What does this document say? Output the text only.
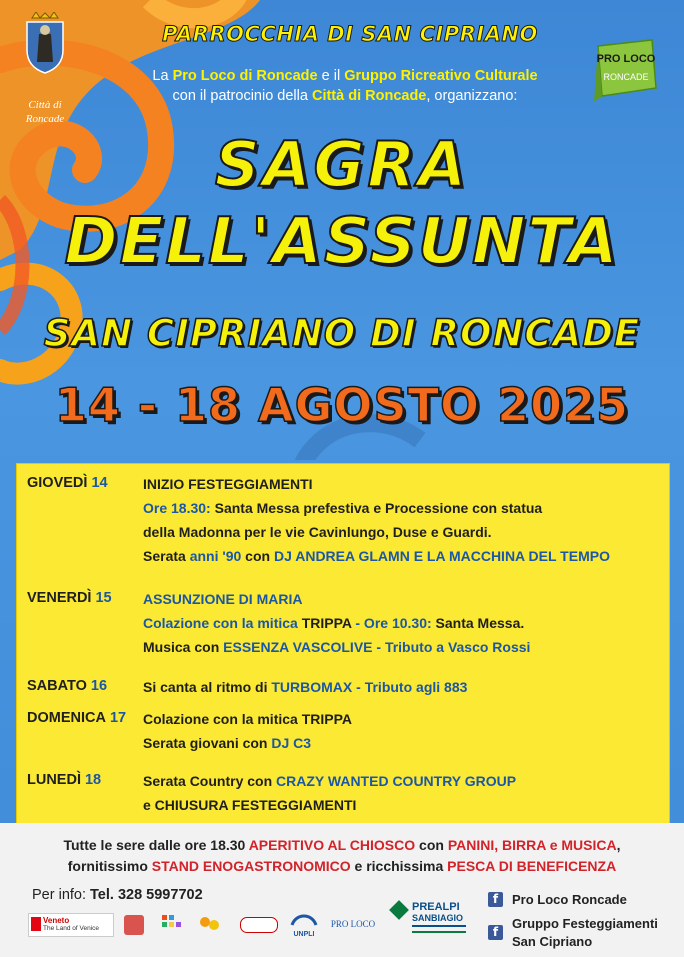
Città di
Roncade
PARROCCHIA DI SAN CIPRIANO
PRO LOCO
RONCADE
La Pro Loco di Roncade e il Gruppo Ricreativo Culturale
con il patrocinio della Città di Roncade, organizzano:
SAGRA
DELL'ASSUNTA
SAN CIPRIANO DI RONCADE
14 - 18 AGOSTO 2025
GIOVEDÌ 14	INIZIO FESTEGGIAMENTI
Ore 18.30: Santa Messa prefestiva e Processione con statua
della Madonna per le vie Cavinlungo, Duse e Guardi.
Serata anni '90 con DJ ANDREA GLAMN E LA MACCHINA DEL TEMPO
VENERDÌ 15 ASSUNZIONE DI MARIA
Colazione con la mitica TRIPPA - Ore 10.30: Santa Messa.
Musica con ESSENZA VASCOLIVE - Tributo a Vasco Rossi
SABATO 16	Si canta al ritmo di TURBOMAX - Tributo agli 883
DOMENICA 17 Colazione con la mitica TRIPPA
Serata giovani con DJ C3
LUNEDÌ 18	Serata Country con CRAZY WANTED COUNTRY GROUP
e CHIUSURA FESTEGGIAMENTI
Tutte le sere dalle ore 18.30 APERITIVO AL CHIOSCO con PANINI, BIRRA e MUSICA,
fornitissimo STAND ENOGASTRONOMICO e ricchissima PESCA DI BENEFICENZA
Per info: Tel. 328 5997702	f	Pro Loco Roncade
f
Gruppo Festeggiamenti
San Cipriano
Veneto
The Land of Venice
UNPLI
PRO LOCO
PREALPI
SANBIAGIO
